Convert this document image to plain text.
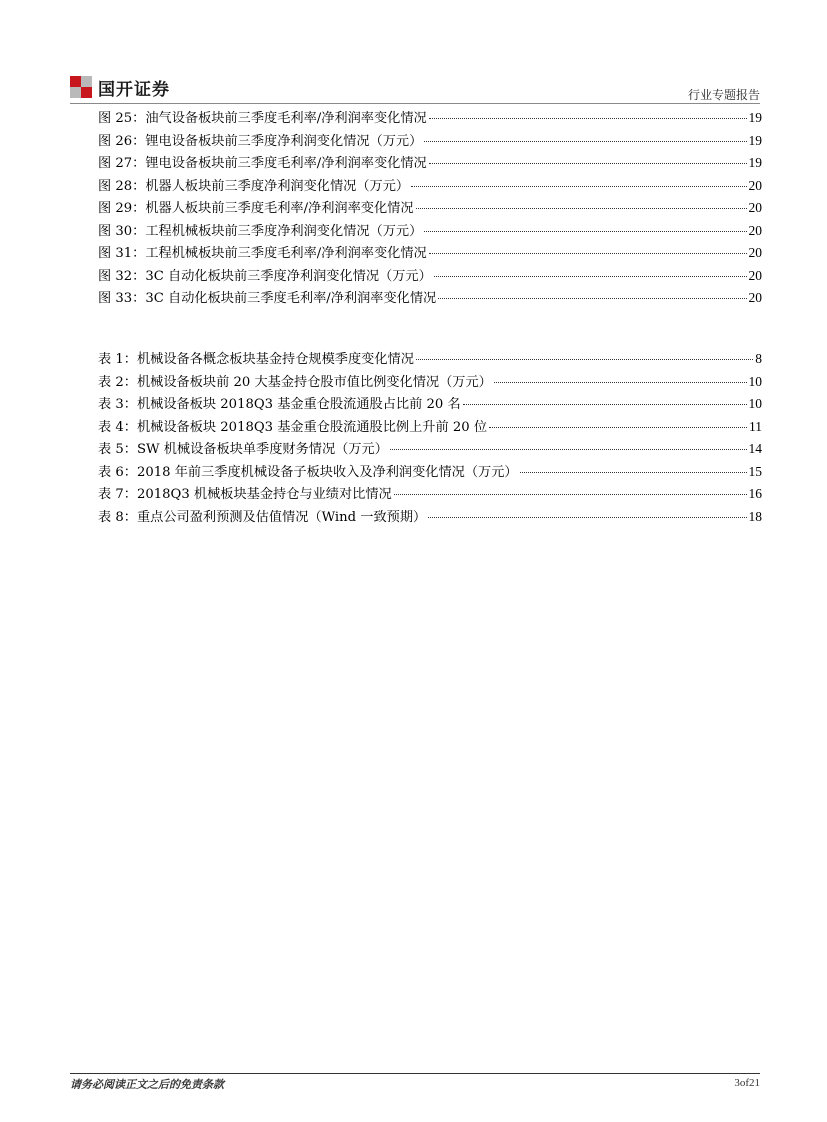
国开证券	行业专题报告
图 25： 油气设备板块前三季度毛利率/净利润率变化情况	19
图 26： 锂电设备板块前三季度净利润变化情况（万元）	19
图 27： 锂电设备板块前三季度毛利率/净利润率变化情况	19
图 28： 机器人板块前三季度净利润变化情况（万元）	20
图 29： 机器人板块前三季度毛利率/净利润率变化情况	20
图 30： 工程机械板块前三季度净利润变化情况（万元）	20
图 31： 工程机械板块前三季度毛利率/净利润率变化情况	20
图 32： 3C 自动化板块前三季度净利润变化情况（万元）	20
图 33： 3C 自动化板块前三季度毛利率/净利润率变化情况	20
表 1： 机械设备各概念板块基金持仓规模季度变化情况	8
表 2： 机械设备板块前 20 大基金持仓股市值比例变化情况（万元）	10
表 3： 机械设备板块 2018Q3 基金重仓股流通股占比前 20 名	10
表 4： 机械设备板块 2018Q3 基金重仓股流通股比例上升前 20 位	11
表 5： SW 机械设备板块单季度财务情况（万元）	14
表 6： 2018 年前三季度机械设备子板块收入及净利润变化情况（万元）	15
表 7： 2018Q3 机械板块基金持仓与业绩对比情况	16
表 8： 重点公司盈利预测及估值情况（Wind 一致预期）	18
请务必阅读正文之后的免责条款	3of21
